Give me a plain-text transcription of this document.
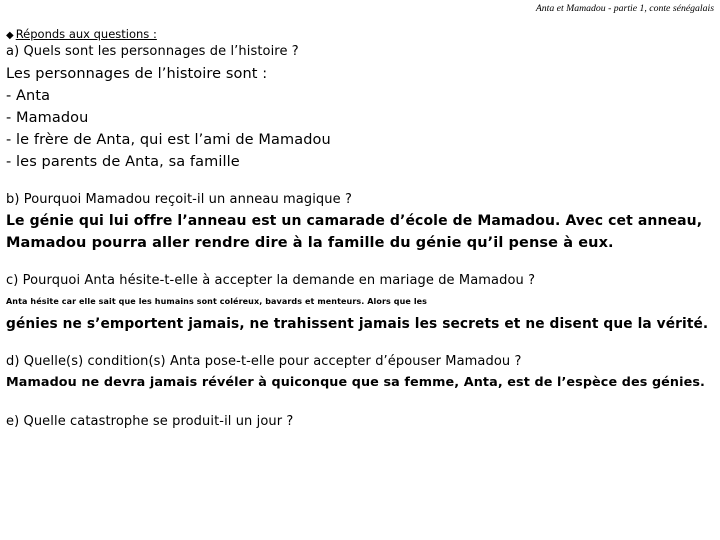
Anta et Mamadou - partie 1, conte sénégalais
◆ Réponds aux questions :
a) Quels sont les personnages de l’histoire ?
Les personnages de l’histoire sont :
- Anta
- Mamadou
- le frère de Anta, qui est l’ami de Mamadou
- les parents de Anta, sa famille
b) Pourquoi Mamadou reçoit-il un anneau magique ?
Le génie qui lui offre l’anneau est un camarade d’école de Mamadou. Avec cet anneau,
Mamadou pourra aller rendre dire à la famille du génie qu’il pense à eux.
c) Pourquoi Anta hésite-t-elle à accepter la demande en mariage de Mamadou ?
Anta hésite car elle sait que les humains sont coléreux, bavards et menteurs. Alors que les
génies ne s’emportent jamais, ne trahissent jamais les secrets et ne disent que la vérité.
d) Quelle(s) condition(s) Anta pose-t-elle pour accepter d’épouser Mamadou ?
Mamadou ne devra jamais révéler à quiconque que sa femme, Anta, est de l’espèce des génies.
e) Quelle catastrophe se produit-il un jour ?
